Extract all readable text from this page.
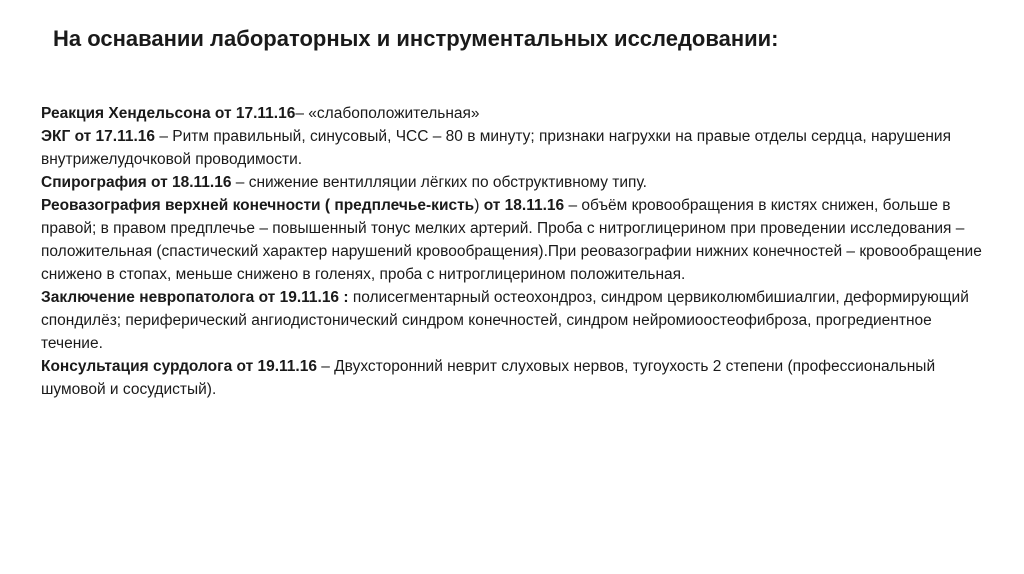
На оснавании лабораторных и инструментальных исследовании:

Реакция Хендельсона от 17.11.16– «слабоположительная»

ЭКГ от 17.11.16 – Ритм правильный, синусовый, ЧСС – 80 в минуту; признаки нагрухки на правые отделы сердца, нарушения внутрижелудочковой проводимости.

Спирография от 18.11.16 – снижение вентилляции лёгких по обструктивному типу.

Реовазография верхней конечности ( предплечье-кисть) от 18.11.16 – объём кровообращения в кистях снижен, больше в правой; в правом предплечье – повышенный тонус мелких артерий. Проба с нитроглицерином при проведении исследования – положительная (спастический характер нарушений кровообращения).При реовазографии нижних конечностей – кровообращение снижено в стопах, меньше снижено в голенях, проба с нитроглицерином положительная.

Заключение невропатолога от 19.11.16 : полисегментарный остеохондроз, синдром цервиколюмбишиалгии, деформирующий спондилёз; периферический ангиодистонический синдром конечностей, синдром нейромиоостеофиброза, прогредиентное течение.

Консультация сурдолога от 19.11.16 – Двухсторонний неврит слуховых нервов, тугоухость 2 степени (профессиональный шумовой и сосудистый).
